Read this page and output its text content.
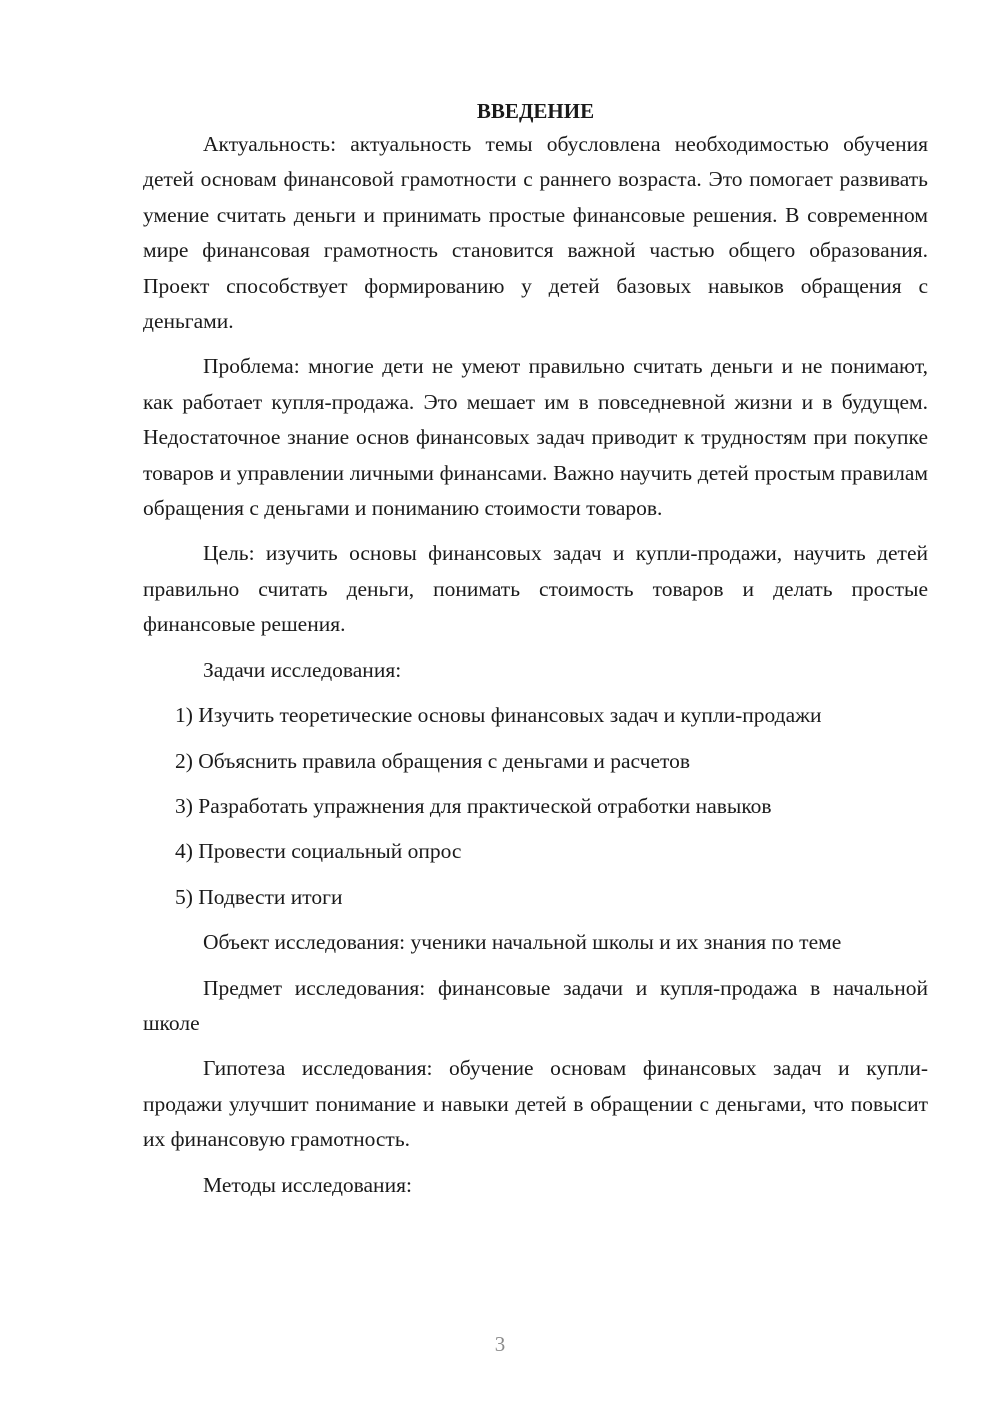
ВВЕДЕНИЕ

Актуальность: актуальность темы обусловлена необходимостью обучения детей основам финансовой грамотности с раннего возраста. Это помогает развивать умение считать деньги и принимать простые финансовые решения. В современном мире финансовая грамотность становится важной частью общего образования. Проект способствует формированию у детей базовых навыков обращения с деньгами.

Проблема: многие дети не умеют правильно считать деньги и не понимают, как работает купля-продажа. Это мешает им в повседневной жизни и в будущем. Недостаточное знание основ финансовых задач приводит к трудностям при покупке товаров и управлении личными финансами. Важно научить детей простым правилам обращения с деньгами и пониманию стоимости товаров.

Цель: изучить основы финансовых задач и купли-продажи, научить детей правильно считать деньги, понимать стоимость товаров и делать простые финансовые решения.

Задачи исследования:

1) Изучить теоретические основы финансовых задач и купли-продажи
2) Объяснить правила обращения с деньгами и расчетов
3) Разработать упражнения для практической отработки навыков
4) Провести социальный опрос
5) Подвести итоги

Объект исследования: ученики начальной школы и их знания по теме

Предмет исследования: финансовые задачи и купля-продажа в начальной школе

Гипотеза исследования: обучение основам финансовых задач и купли-продажи улучшит понимание и навыки детей в обращении с деньгами, что повысит их финансовую грамотность.

Методы исследования:

3
